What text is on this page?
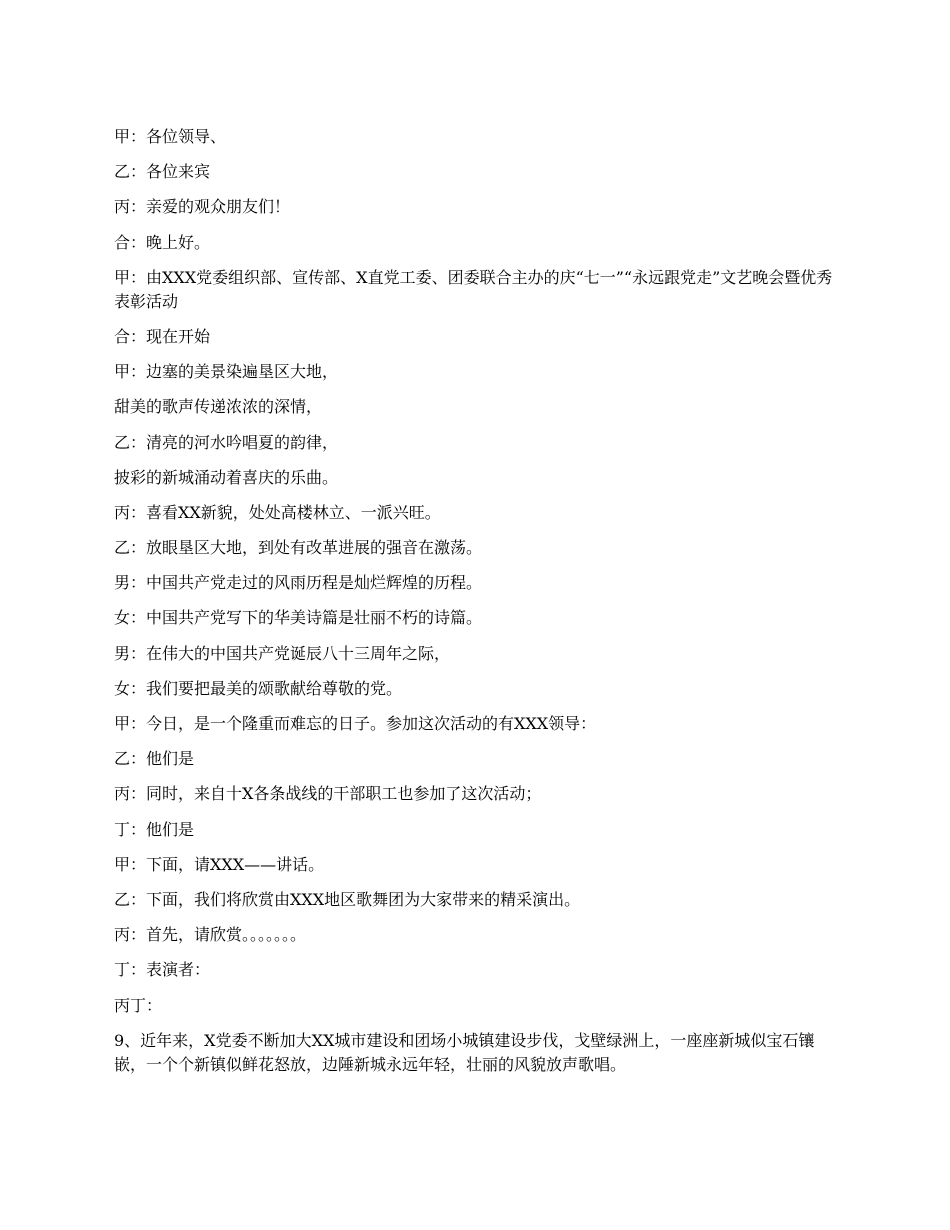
甲：各位领导、

乙：各位来宾

丙：亲爱的观众朋友们！

合：晚上好。

甲：由XXX党委组织部、宣传部、X直党工委、团委联合主办的庆“七一”“永远跟党走”文艺晚会暨优秀表彰活动

合：现在开始

甲：边塞的美景染遍垦区大地，

甜美的歌声传递浓浓的深情，

乙：清亮的河水吟唱夏的韵律，

披彩的新城涌动着喜庆的乐曲。

丙：喜看XX新貌，处处高楼林立、一派兴旺。

乙：放眼垦区大地，到处有改革进展的强音在激荡。

男：中国共产党走过的风雨历程是灿烂辉煌的历程。

女：中国共产党写下的华美诗篇是壮丽不朽的诗篇。

男：在伟大的中国共产党诞辰八十三周年之际，

女：我们要把最美的颂歌献给尊敬的党。

甲：今日，是一个隆重而难忘的日子。参加这次活动的有XXX领导：

乙：他们是

丙：同时，来自十X各条战线的干部职工也参加了这次活动；

丁：他们是

甲：下面，请XXX——讲话。

乙：下面，我们将欣赏由XXX地区歌舞团为大家带来的精采演出。

丙：首先，请欣赏。。。。。。。

丁：表演者：

丙丁：

9、近年来，X党委不断加大XX城市建设和团场小城镇建设步伐，戈壁绿洲上，一座座新城似宝石镶嵌，一个个新镇似鲜花怒放，边陲新城永远年轻，壮丽的风貌放声歌唱。
